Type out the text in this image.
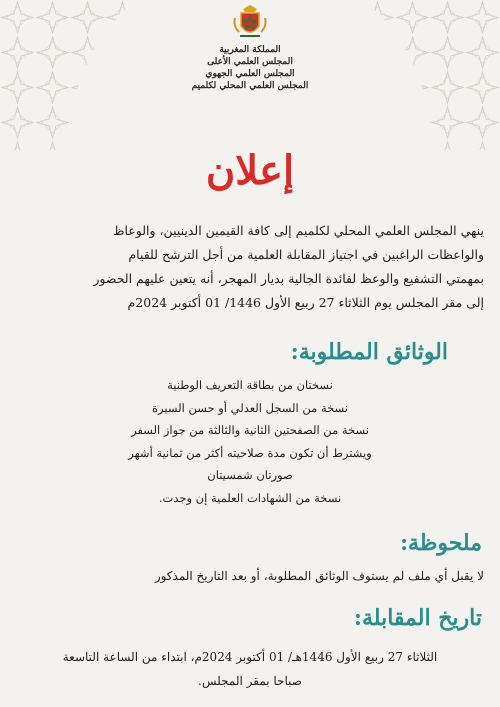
المملكة المغربية
المجلس العلمي الأعلى
المجلس العلمي الجهوي
المجلس العلمي المحلي لكلميم
إعلان
ينهي المجلس العلمي المحلي لكلميم إلى كافة القيمين الدينيين، والوعاظ
والواعظات الراغبين في اجتياز المقابلة العلمية من أجل الترشح للقيام
بمهمتي التشفيع والوعظ لفائدة الجالية بديار المهجر، أنه يتعين عليهم الحضور
إلى مقر المجلس يوم الثلاثاء 27 ربيع الأول 1446/ 01 أكتوبر 2024م
الوثائق المطلوبة:
نسختان من بطاقة التعريف الوطنية
نسخة من السجل العدلي أو حسن السيرة
نسخة من الصفحتين الثانية والثالثة من جواز السفر
ويشترط أن تكون مدة صلاحيته أكثر من ثمانية أشهر
صورتان شمسيتان
نسخة من الشهادات العلمية إن وجدت.
ملحوظة:
لا يقبل أي ملف لم يستوف الوثائق المطلوبة، أو بعد التاريخ المذكور
تاريخ المقابلة:
الثلاثاء 27 ربيع الأول 1446هـ/ 01 أكتوبر 2024م، ابتداء من الساعة التاسعة
صباحا بمقر المجلس.
